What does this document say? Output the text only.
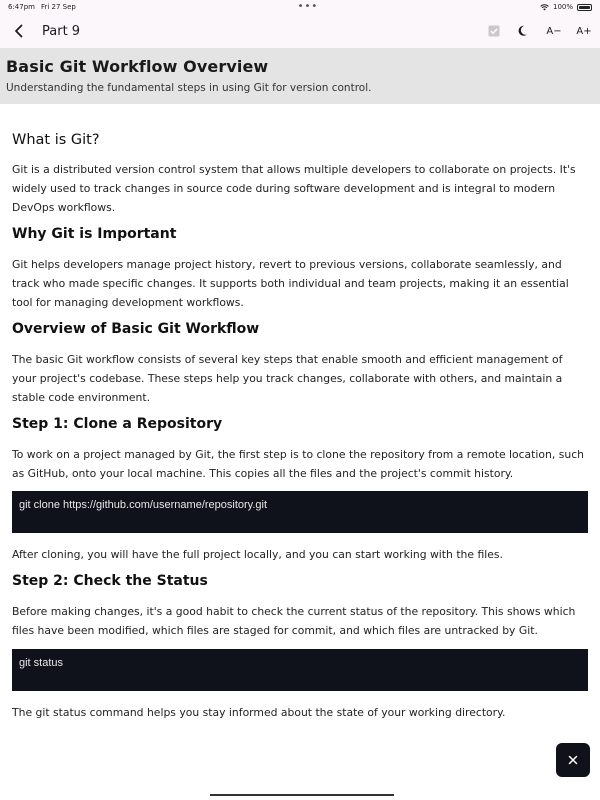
6:47pm Fri 27 Sep	•••	100%
Part 9	A− A+
Basic Git Workflow Overview
Understanding the fundamental steps in using Git for version control.
What is Git?

Git is a distributed version control system that allows multiple developers to collaborate on projects. It's widely used to track changes in source code during software development and is integral to modern DevOps workflows.

Why Git is Important

Git helps developers manage project history, revert to previous versions, collaborate seamlessly, and track who made specific changes. It supports both individual and team projects, making it an essential tool for managing development workflows.

Overview of Basic Git Workflow

The basic Git workflow consists of several key steps that enable smooth and efficient management of your project's codebase. These steps help you track changes, collaborate with others, and maintain a stable code environment.

Step 1: Clone a Repository

To work on a project managed by Git, the first step is to clone the repository from a remote location, such as GitHub, onto your local machine. This copies all the files and the project's commit history.

git clone https://github.com/username/repository.git

After cloning, you will have the full project locally, and you can start working with the files.

Step 2: Check the Status

Before making changes, it's a good habit to check the current status of the repository. This shows which files have been modified, which files are staged for commit, and which files are untracked by Git.

git status

The git status command helps you stay informed about the state of your working directory.
